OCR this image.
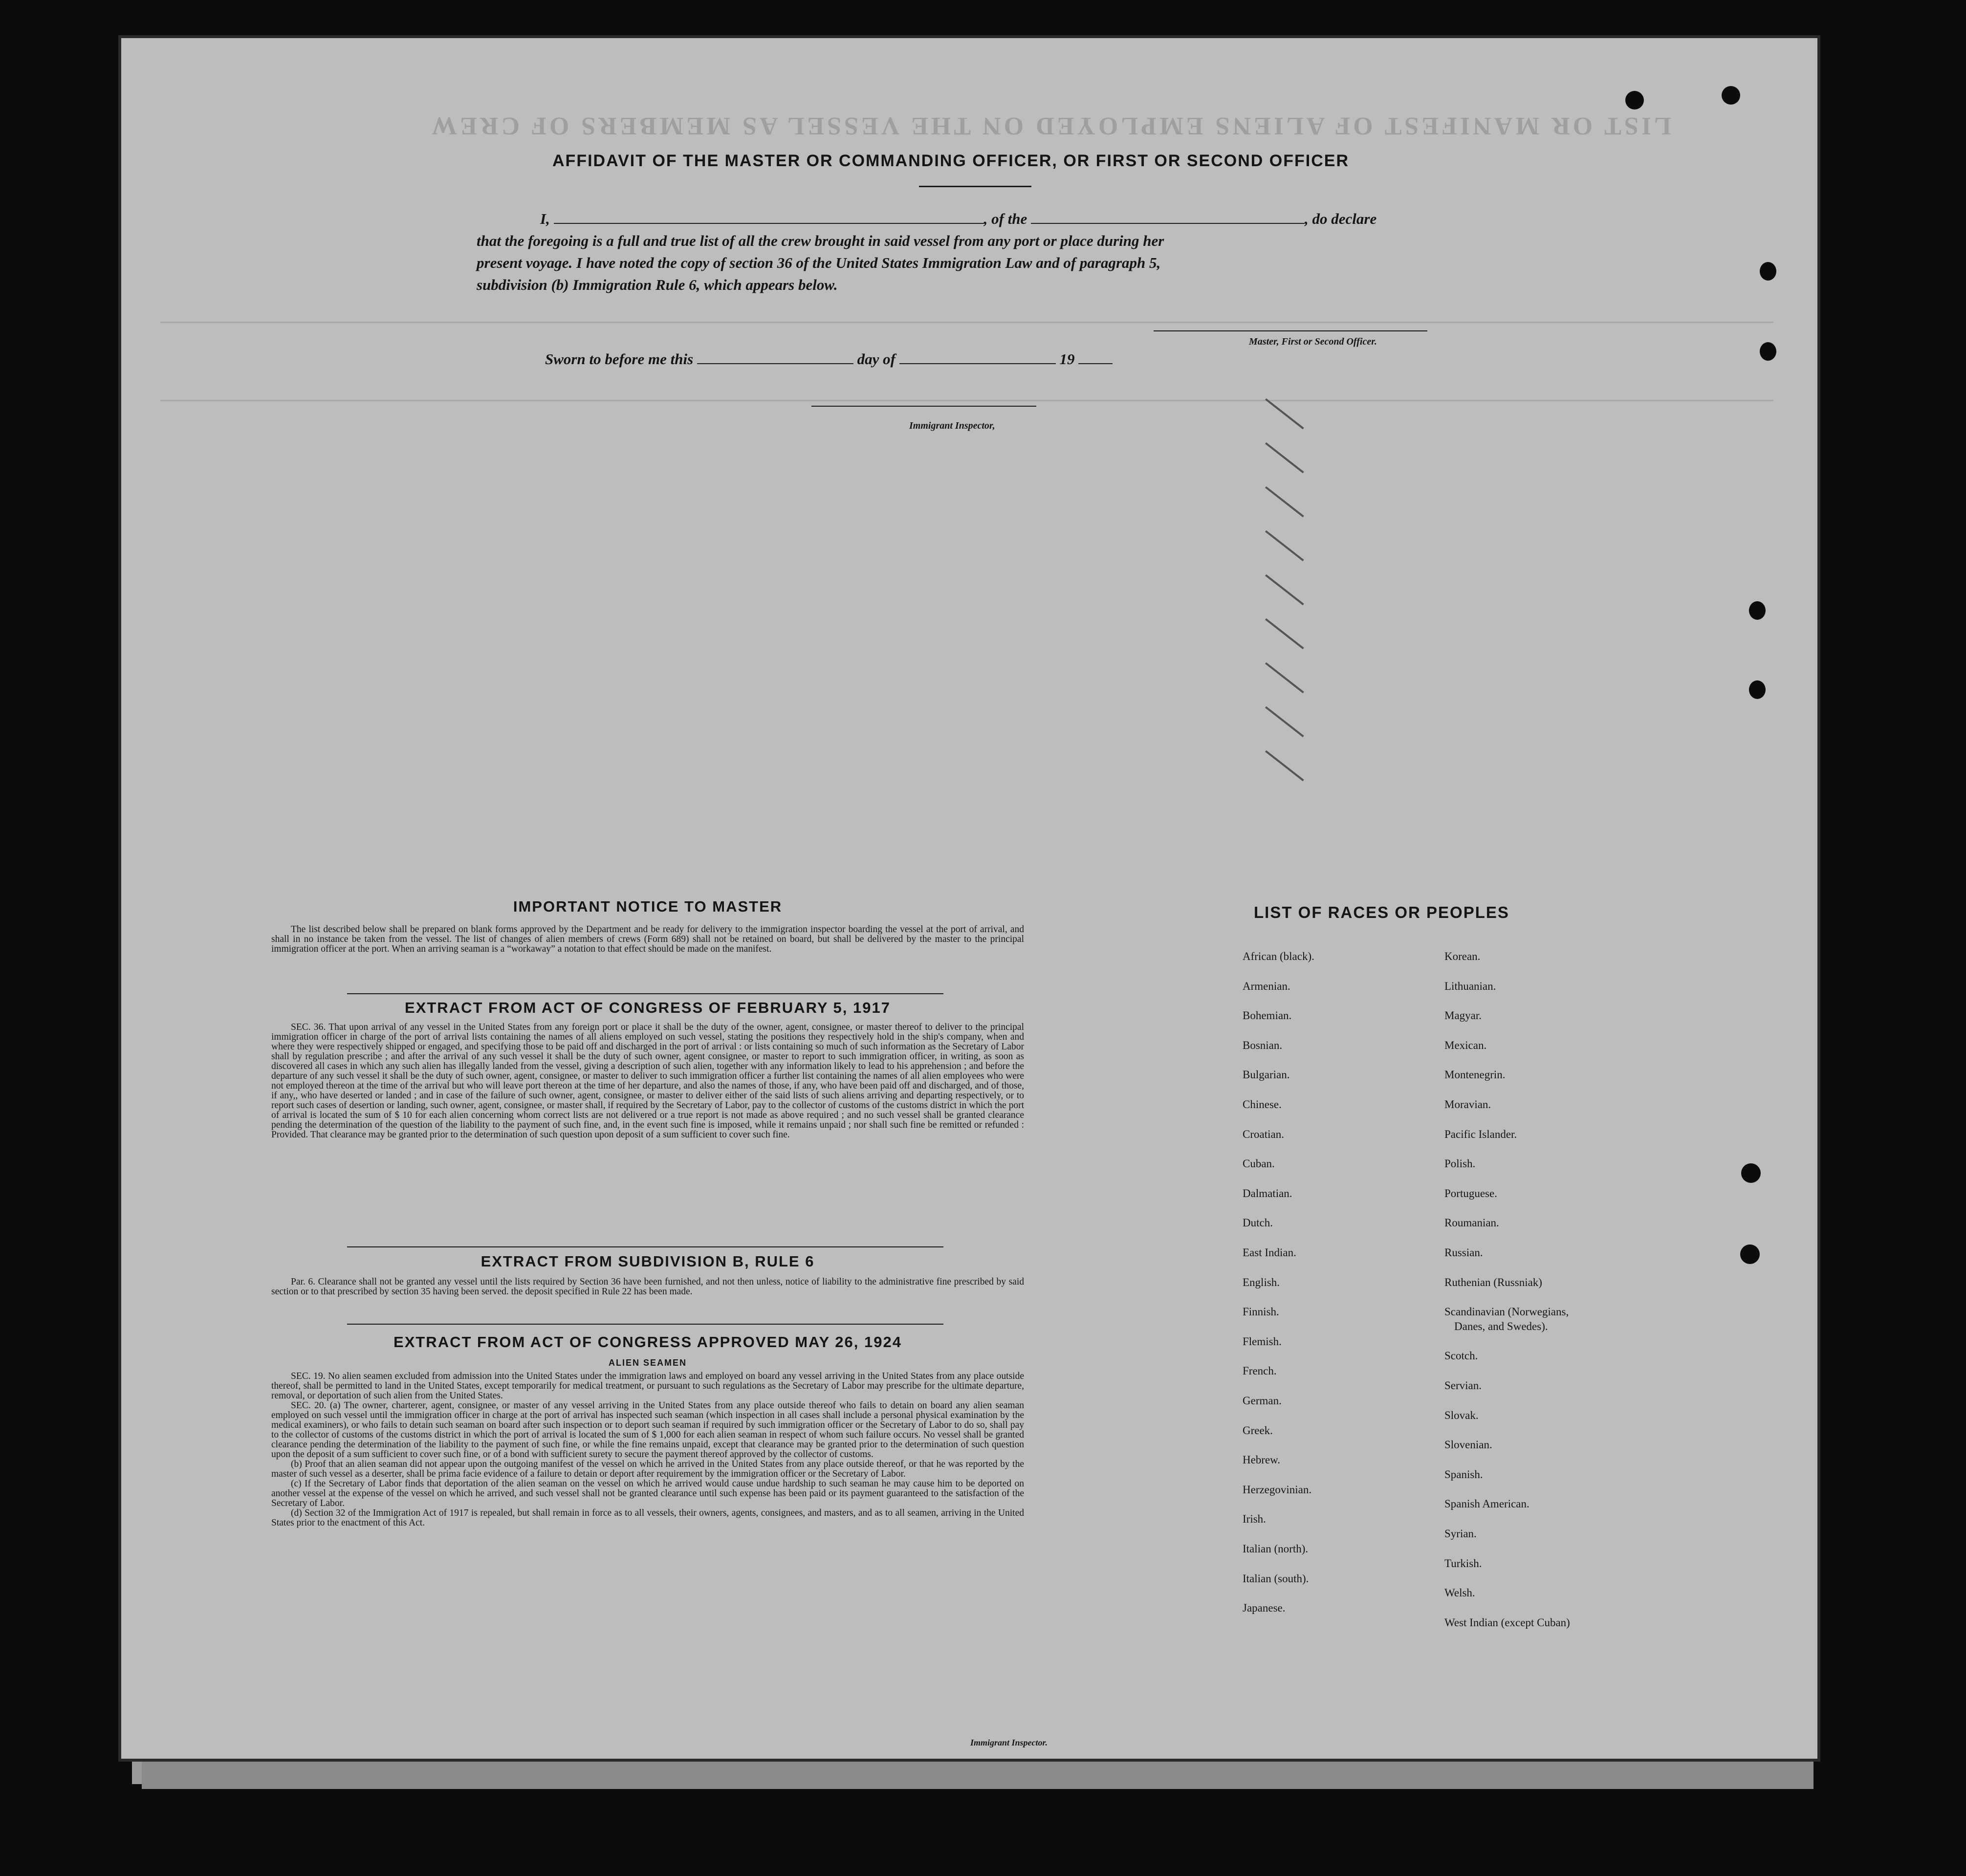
LIST OR MANIFEST OF ALIENS EMPLOYED ON THE VESSEL AS MEMBERS OF CREW
AFFIDAVIT OF THE MASTER OR COMMANDING OFFICER, OR FIRST OR SECOND OFFICER
I,	, of the	, do declare
that the foregoing is a full and true list of all the crew brought in said vessel from any port or place during her
present voyage. I have noted the copy of section 36 of the United States Immigration Law and of paragraph 5,
subdivision (b) Immigration Rule 6, which appears below.
Master, First or Second Officer.
Sworn to before me this	day of	19
Immigrant Inspector,
IMPORTANT NOTICE TO MASTER

The list described below shall be prepared on blank forms approved by the Department and be ready for delivery to the immigration inspector boarding the vessel at the port of arrival, and shall in no instance be taken from the vessel. The list of changes of alien members of crews (Form 689) shall not be retained on board, but shall be delivered by the master to the principal immigration officer at the port. When an arriving seaman is a “workaway” a notation to that effect should be made on the manifest.

EXTRACT FROM ACT OF CONGRESS OF FEBRUARY 5, 1917

SEC. 36. That upon arrival of any vessel in the United States from any foreign port or place it shall be the duty of the owner, agent, consignee, or master thereof to deliver to the principal immigration officer in charge of the port of arrival lists containing the names of all aliens employed on such vessel, stating the positions they respectively hold in the ship's company, when and where they were respectively shipped or engaged, and specifying those to be paid off and discharged in the port of arrival : or lists containing so much of such information as the Secretary of Labor shall by regulation prescribe ; and after the arrival of any such vessel it shall be the duty of such owner, agent consignee, or master to report to such immigration officer, in writing, as soon as discovered all cases in which any such alien has illegally landed from the vessel, giving a description of such alien, together with any information likely to lead to his apprehension ; and before the departure of any such vessel it shall be the duty of such owner, agent, consignee, or master to deliver to such immigration officer a further list containing the names of all alien employees who were not employed thereon at the time of the arrival but who will leave port thereon at the time of her departure, and also the names of those, if any, who have been paid off and discharged, and of those, if any,, who have deserted or landed ; and in case of the failure of such owner, agent, consignee, or master to deliver either of the said lists of such aliens arriving and departing respectively, or to report such cases of desertion or landing, such owner, agent, consignee, or master shall, if required by the Secretary of Labor, pay to the collector of customs of the customs district in which the port of arrival is located the sum of $ 10 for each alien concerning whom correct lists are not delivered or a true report is not made as above required ; and no such vessel shall be granted clearance pending the determination of the question of the liability to the payment of such fine, and, in the event such fine is imposed, while it remains unpaid ; nor shall such fine be remitted or refunded : Provided. That clearance may be granted prior to the determination of such question upon deposit of a sum sufficient to cover such fine.

EXTRACT FROM SUBDIVISION B, RULE 6

Par. 6. Clearance shall not be granted any vessel until the lists required by Section 36 have been furnished, and not then unless, notice of liability to the administrative fine prescribed by said section or to that prescribed by section 35 having been served. the deposit specified in Rule 22 has been made.

EXTRACT FROM ACT OF CONGRESS APPROVED MAY 26, 1924
ALIEN SEAMEN

SEC. 19. No alien seamen excluded from admission into the United States under the immigration laws and employed on board any vessel arriving in the United States from any place outside thereof, shall be permitted to land in the United States, except temporarily for medical treatment, or pursuant to such regulations as the Secretary of Labor may prescribe for the ultimate departure, removal, or deportation of such alien from the United States.

SEC. 20. (a) The owner, charterer, agent, consignee, or master of any vessel arriving in the United States from any place outside thereof who fails to detain on board any alien seaman employed on such vessel until the immigration officer in charge at the port of arrival has inspected such seaman (which inspection in all cases shall include a personal physical examination by the medical examiners), or who fails to detain such seaman on board after such inspection or to deport such seaman if required by such immigration officer or the Secretary of Labor to do so, shall pay to the collector of customs of the customs district in which the port of arrival is located the sum of $ 1,000 for each alien seaman in respect of whom such failure occurs. No vessel shall be granted clearance pending the determination of the liability to the payment of such fine, or while the fine remains unpaid, except that clearance may be granted prior to the determination of such question upon the deposit of a sum sufficient to cover such fine, or of a bond with sufficient surety to secure the payment thereof approved by the collector of customs.

(b) Proof that an alien seaman did not appear upon the outgoing manifest of the vessel on which he arrived in the United States from any place outside thereof, or that he was reported by the master of such vessel as a deserter, shall be prima facie evidence of a failure to detain or deport after requirement by the immigration officer or the Secretary of Labor.

(c) If the Secretary of Labor finds that deportation of the alien seaman on the vessel on which he arrived would cause undue hardship to such seaman he may cause him to be deported on another vessel at the expense of the vessel on which he arrived, and such vessel shall not be granted clearance until such expense has been paid or its payment guaranteed to the satisfaction of the Secretary of Labor.

(d) Section 32 of the Immigration Act of 1917 is repealed, but shall remain in force as to all vessels, their owners, agents, consignees, and masters, and as to all seamen, arriving in the United States prior to the enactment of this Act.

LIST OF RACES OR PEOPLES
African (black).
Armenian.
Bohemian.
Bosnian.
Bulgarian.
Chinese.
Croatian.
Cuban.
Dalmatian.
Dutch.
East Indian.
English.
Finnish.
Flemish.
French.
German.
Greek.
Hebrew.
Herzegovinian.
Irish.
Italian (north).
Italian (south).
Japanese.
Korean.
Lithuanian.
Magyar.
Mexican.
Montenegrin.
Moravian.
Pacific Islander.
Polish.
Portuguese.
Roumanian.
Russian.
Ruthenian (Russniak)
Scandinavian (Norwegians,
Danes, and Swedes).
Scotch.
Servian.
Slovak.
Slovenian.
Spanish.
Spanish American.
Syrian.
Turkish.
Welsh.
West Indian (except Cuban)
Immigrant Inspector.
